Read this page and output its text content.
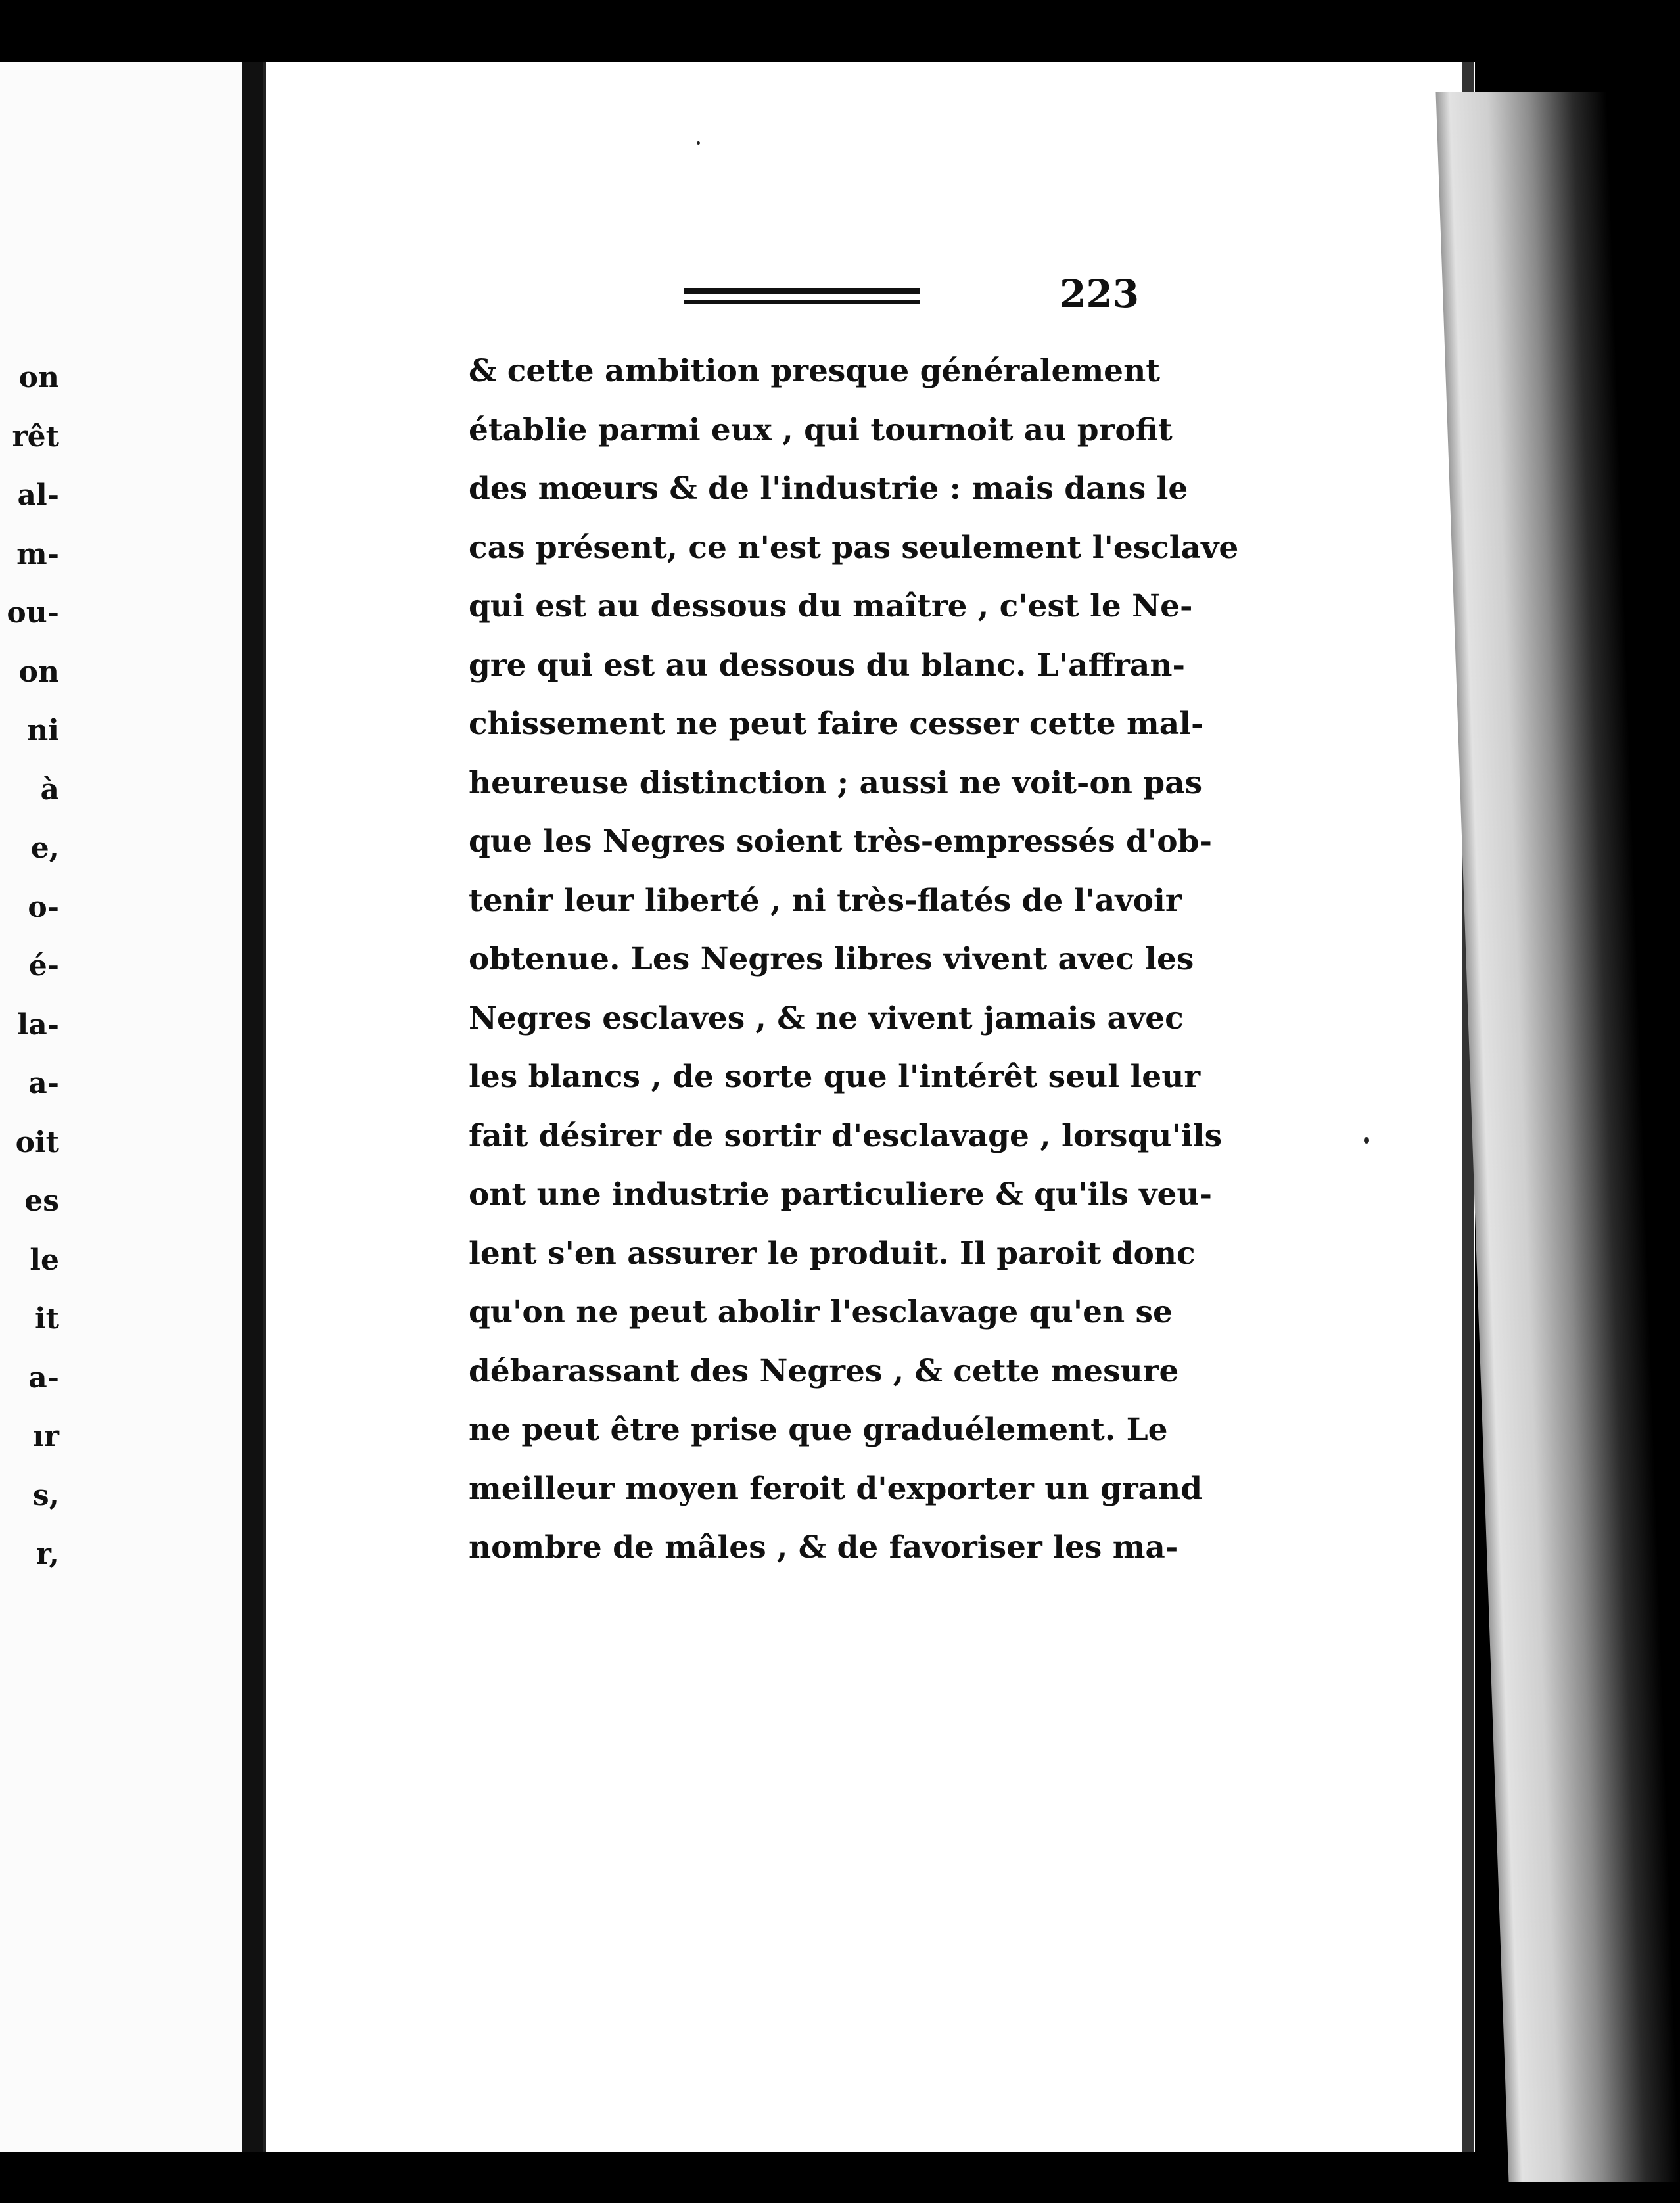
on
rêt
al-
m-
ou-
on
ni
à
e,
o-
é-
la-
a-
oit
es
le
it
a-
ır
s,
r,
223
& cette ambition presque généralement
établie parmi eux , qui tournoit au profit
des mœurs & de l'industrie : mais dans le
cas présent, ce n'est pas seulement l'esclave
qui est au dessous du maître , c'est le Ne-
gre qui est au dessous du blanc. L'affran-
chissement ne peut faire cesser cette mal-
heureuse distinction ; aussi ne voit-on pas
que les Negres soient très-empressés d'ob-
tenir leur liberté , ni très-flatés de l'avoir
obtenue. Les Negres libres vivent avec les
Negres esclaves , & ne vivent jamais avec
les blancs , de sorte que l'intérêt seul leur
fait désirer de sortir d'esclavage , lorsqu'ils
ont une industrie particuliere & qu'ils veu-
lent s'en assurer le produit. Il paroit donc
qu'on ne peut abolir l'esclavage qu'en se
débarassant des Negres , & cette mesure
ne peut être prise que graduélement. Le
meilleur moyen feroit d'exporter un grand
nombre de mâles , & de favoriser les ma-
